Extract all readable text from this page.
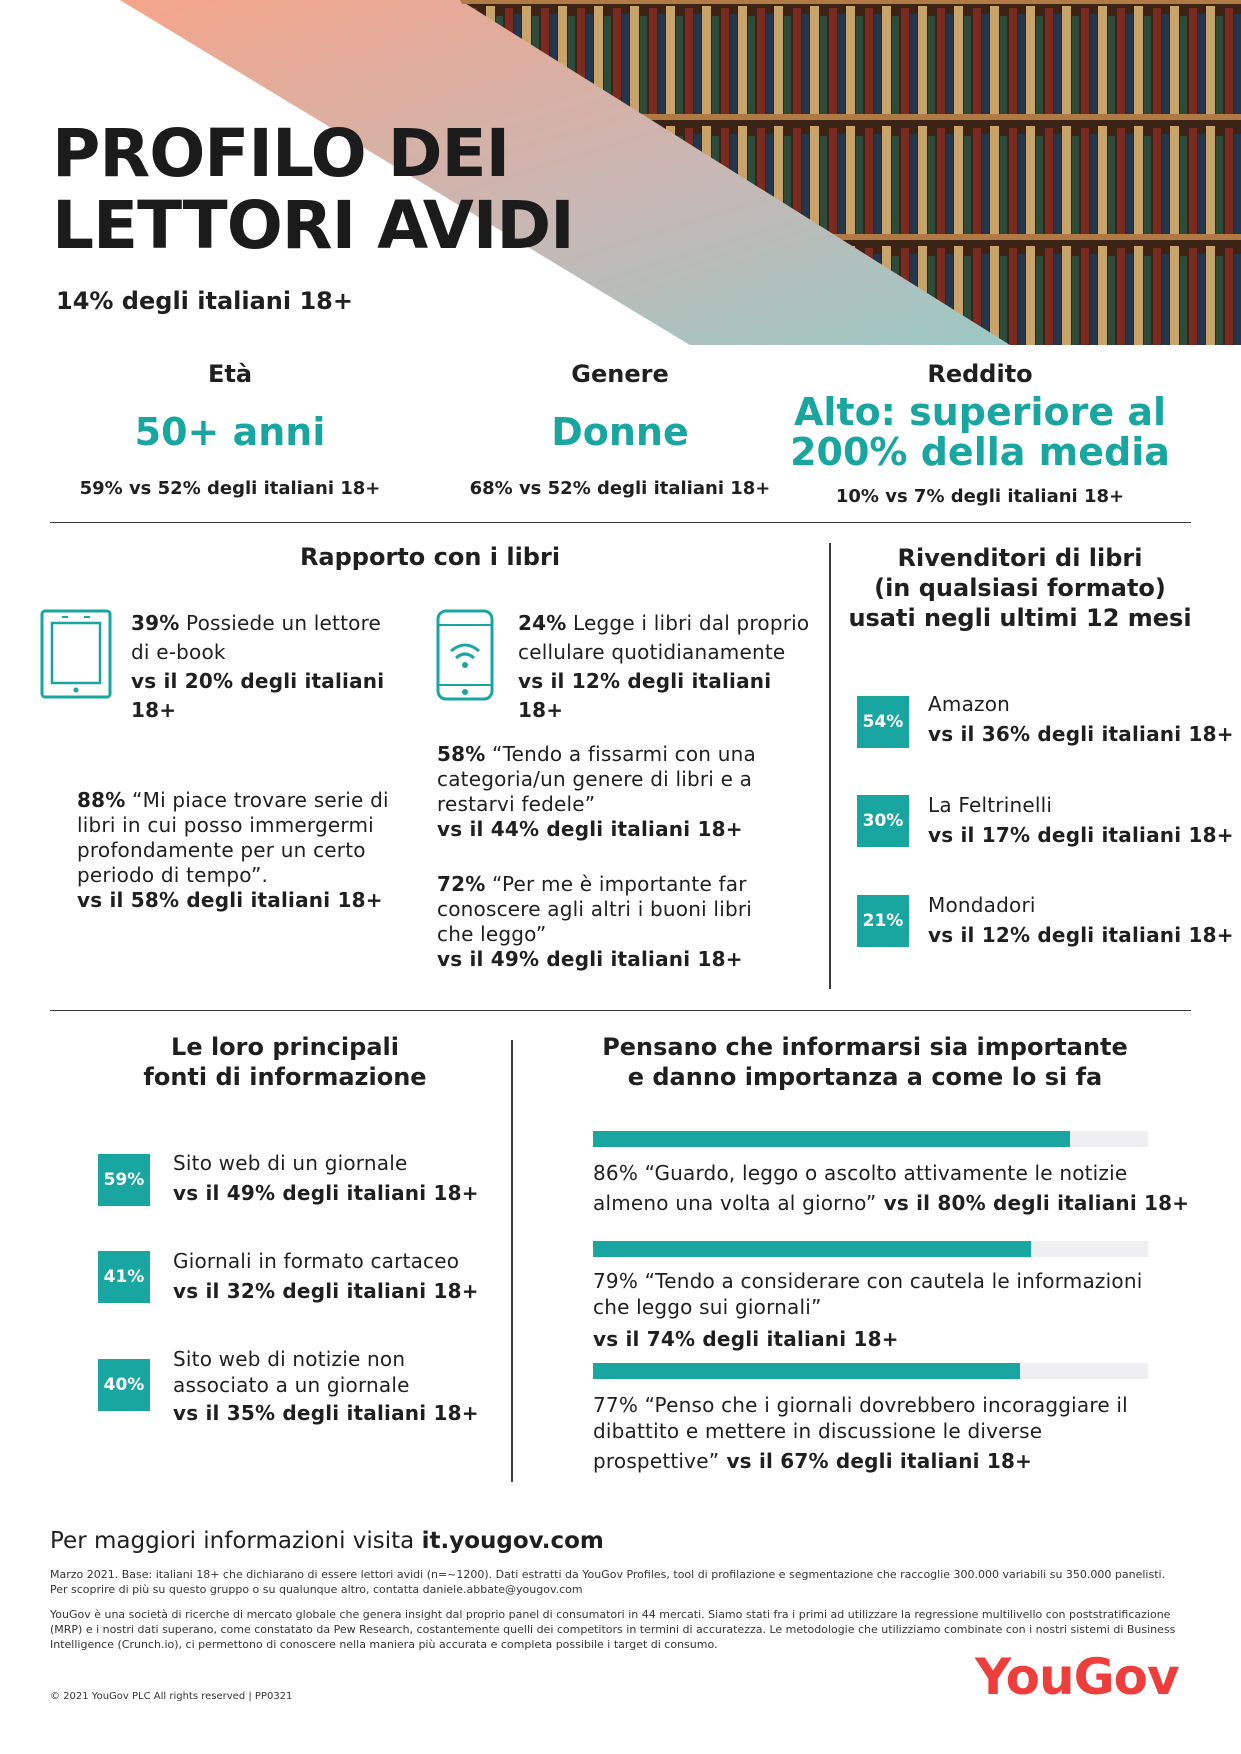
PROFILO DEI
LETTORI AVIDI
14% degli italiani 18+
Età
50+ anni
59% vs 52% degli italiani 18+
Genere
Donne
68% vs 52% degli italiani 18+
Reddito
Alto: superiore al
200% della media
10% vs 7% degli italiani 18+
Rapporto con i libri
39% Possiede un lettore
di e-book
vs il 20% degli italiani 18+
24% Legge i libri dal proprio
cellulare quotidianamente
vs il 12% degli italiani 18+
88% “Mi piace trovare serie di
libri in cui posso immergermi
profondamente per un certo
periodo di tempo”.
vs il 58% degli italiani 18+
58% “Tendo a fissarmi con una
categoria/un genere di libri e a
restarvi fedele”
vs il 44% degli italiani 18+
72% “Per me è importante far
conoscere agli altri i buoni libri
che leggo”
vs il 49% degli italiani 18+
Rivenditori di libri
(in qualsiasi formato)
usati negli ultimi 12 mesi
54%
Amazon
vs il 36% degli italiani 18+
30%
La Feltrinelli
vs il 17% degli italiani 18+
21%
Mondadori
vs il 12% degli italiani 18+
Le loro principali
fonti di informazione
59%
Sito web di un giornale
vs il 49% degli italiani 18+
41%
Giornali in formato cartaceo
vs il 32% degli italiani 18+
40%
Sito web di notizie non
associato a un giornale
vs il 35% degli italiani 18+
Pensano che informarsi sia importante
e danno importanza a come lo si fa
86% “Guardo, leggo o ascolto attivamente le notizie
almeno una volta al giorno” vs il 80% degli italiani 18+
79% “Tendo a considerare con cautela le informazioni
che leggo sui giornali”
vs il 74% degli italiani 18+
77% “Penso che i giornali dovrebbero incoraggiare il
dibattito e mettere in discussione le diverse
prospettive” vs il 67% degli italiani 18+
Per maggiori informazioni visita it.yougov.com
Marzo 2021. Base: italiani 18+ che dichiarano di essere lettori avidi (n=~1200). Dati estratti da YouGov Profiles, tool di profilazione e segmentazione che raccoglie 300.000 variabili su 350.000 panelisti.
Per scoprire di più su questo gruppo o su qualunque altro, contatta daniele.abbate@yougov.com
YouGov è una società di ricerche di mercato globale che genera insight dal proprio panel di consumatori in 44 mercati. Siamo stati fra i primi ad utilizzare la regressione multilivello con poststratificazione (MRP) e i nostri dati superano, come constatato da Pew Research, costantemente quelli dei competitors in termini di accuratezza. Le metodologie che utilizziamo combinate con i nostri sistemi di Business Intelligence (Crunch.io), ci permettono di conoscere nella maniera più accurata e completa possibile i target di consumo.
© 2021 YouGov PLC All rights reserved | PP0321	YouGov
